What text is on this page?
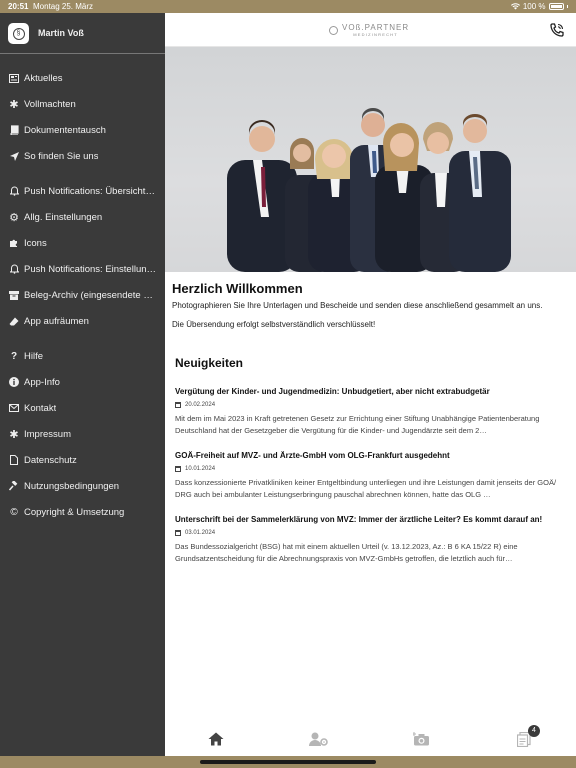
20:51 Montag 25. März	100 %
§	Martin Voß
Aktuelles
✱ Vollmachten
Dokumententausch
So finden Sie uns
Push Notifications: Übersicht…
⚙ Allg. Einstellungen
Icons
Push Notifications: Einstellun…
Beleg-Archiv (eingesendete B…
App aufräumen
? Hilfe
App-Info
Kontakt
✱ Impressum
Datenschutz
Nutzungsbedingungen
© Copyright & Umsetzung
VOß.PARTNER
MEDIZINRECHT
Herzlich Willkommen
Photographieren Sie Ihre Unterlagen und Bescheide und senden diese anschließend gesammelt an uns.
Die Übersendung erfolgt selbstverständlich verschlüsselt!
Neuigkeiten
Vergütung der Kinder- und Jugendmedizin: Unbudgetiert, aber nicht extrabudgetär
20.02.2024
Mit dem im Mai 2023 in Kraft getretenen Gesetz zur Errichtung einer Stiftung Unabhängige Patientenberatung
Deutschland hat der Gesetzgeber die Vergütung für die Kinder- und Jugendärzte seit dem 2…
GOÄ-Freiheit auf MVZ- und Ärzte-GmbH vom OLG-Frankfurt ausgedehnt
10.01.2024
Dass konzessionierte Privatkliniken keiner Entgeltbindung unterliegen und ihre Leistungen damit jenseits der GOÄ/
DRG auch bei ambulanter Leistungserbringung pauschal abrechnen können, hatte das OLG …
Unterschrift bei der Sammelerklärung von MVZ: Immer der ärztliche Leiter? Es kommt darauf an!
03.01.2024
Das Bundessozialgericht (BSG) hat mit einem aktuellen Urteil (v. 13.12.2023, Az.: B 6 KA 15/22 R) eine
Grundsatzentscheidung für die Abrechnungspraxis von MVZ-GmbHs getroffen, die letztlich auch für…
4
